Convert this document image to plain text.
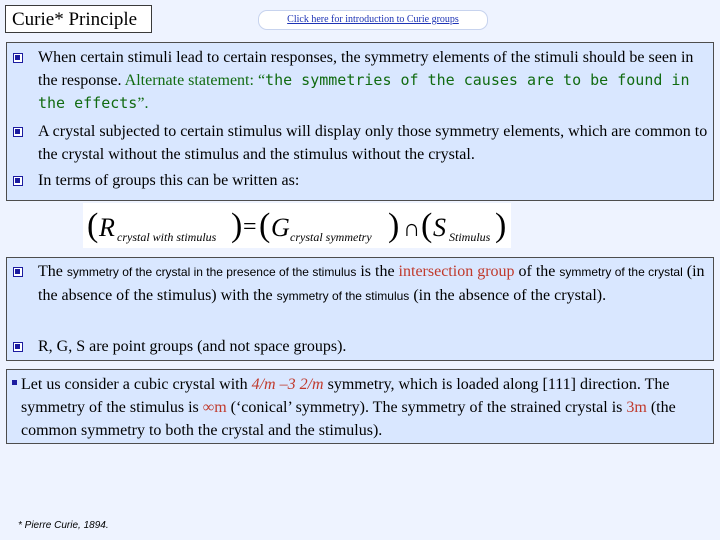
Curie* Principle	Click here for introduction to Curie groups
When certain stimuli lead to certain responses, the symmetry elements of the stimuli should be seen in the response. Alternate statement: “the symmetries of the causes are to be found in the effects”.
A crystal subjected to certain stimulus will display only those symmetry elements, which are common to the crystal without the stimulus and the stimulus without the crystal.
In terms of groups this can be written as:
( R crystal with stimulus ) = ( G crystal symmetry ) ∩ ( S Stimulus )
The symmetry of the crystal in the presence of the stimulus is the intersection group of the symmetry of the crystal (in the absence of the stimulus) with the symmetry of the stimulus (in the absence of the crystal).
R, G, S are point groups (and not space groups).
Let us consider a cubic crystal with 4/m –3 2/m symmetry, which is loaded along [111] direction. The symmetry of the stimulus is ∞m (‘conical’ symmetry). The symmetry of the strained crystal is 3m (the common symmetry to both the crystal and the stimulus).
* Pierre Curie, 1894.
